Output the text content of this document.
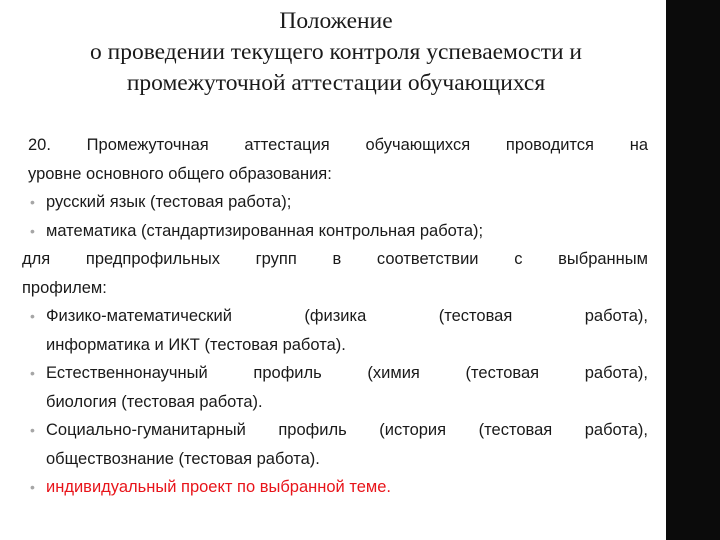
Положение
о проведении текущего контроля успеваемости и
промежуточной аттестации обучающихся
20. Промежуточная аттестация обучающихся проводится на
уровне основного общего образования:
• русский язык (тестовая работа);
• математика (стандартизированная контрольная работа);
для предпрофильных групп в соответствии с выбранным
профилем:
• Физико-математический (физика (тестовая работа),
информатика и ИКТ (тестовая работа).
• Естественнонаучный профиль (химия (тестовая работа),
биология (тестовая работа).
• Социально-гуманитарный профиль (история (тестовая работа),
обществознание (тестовая работа).
• индивидуальный проект по выбранной теме.
